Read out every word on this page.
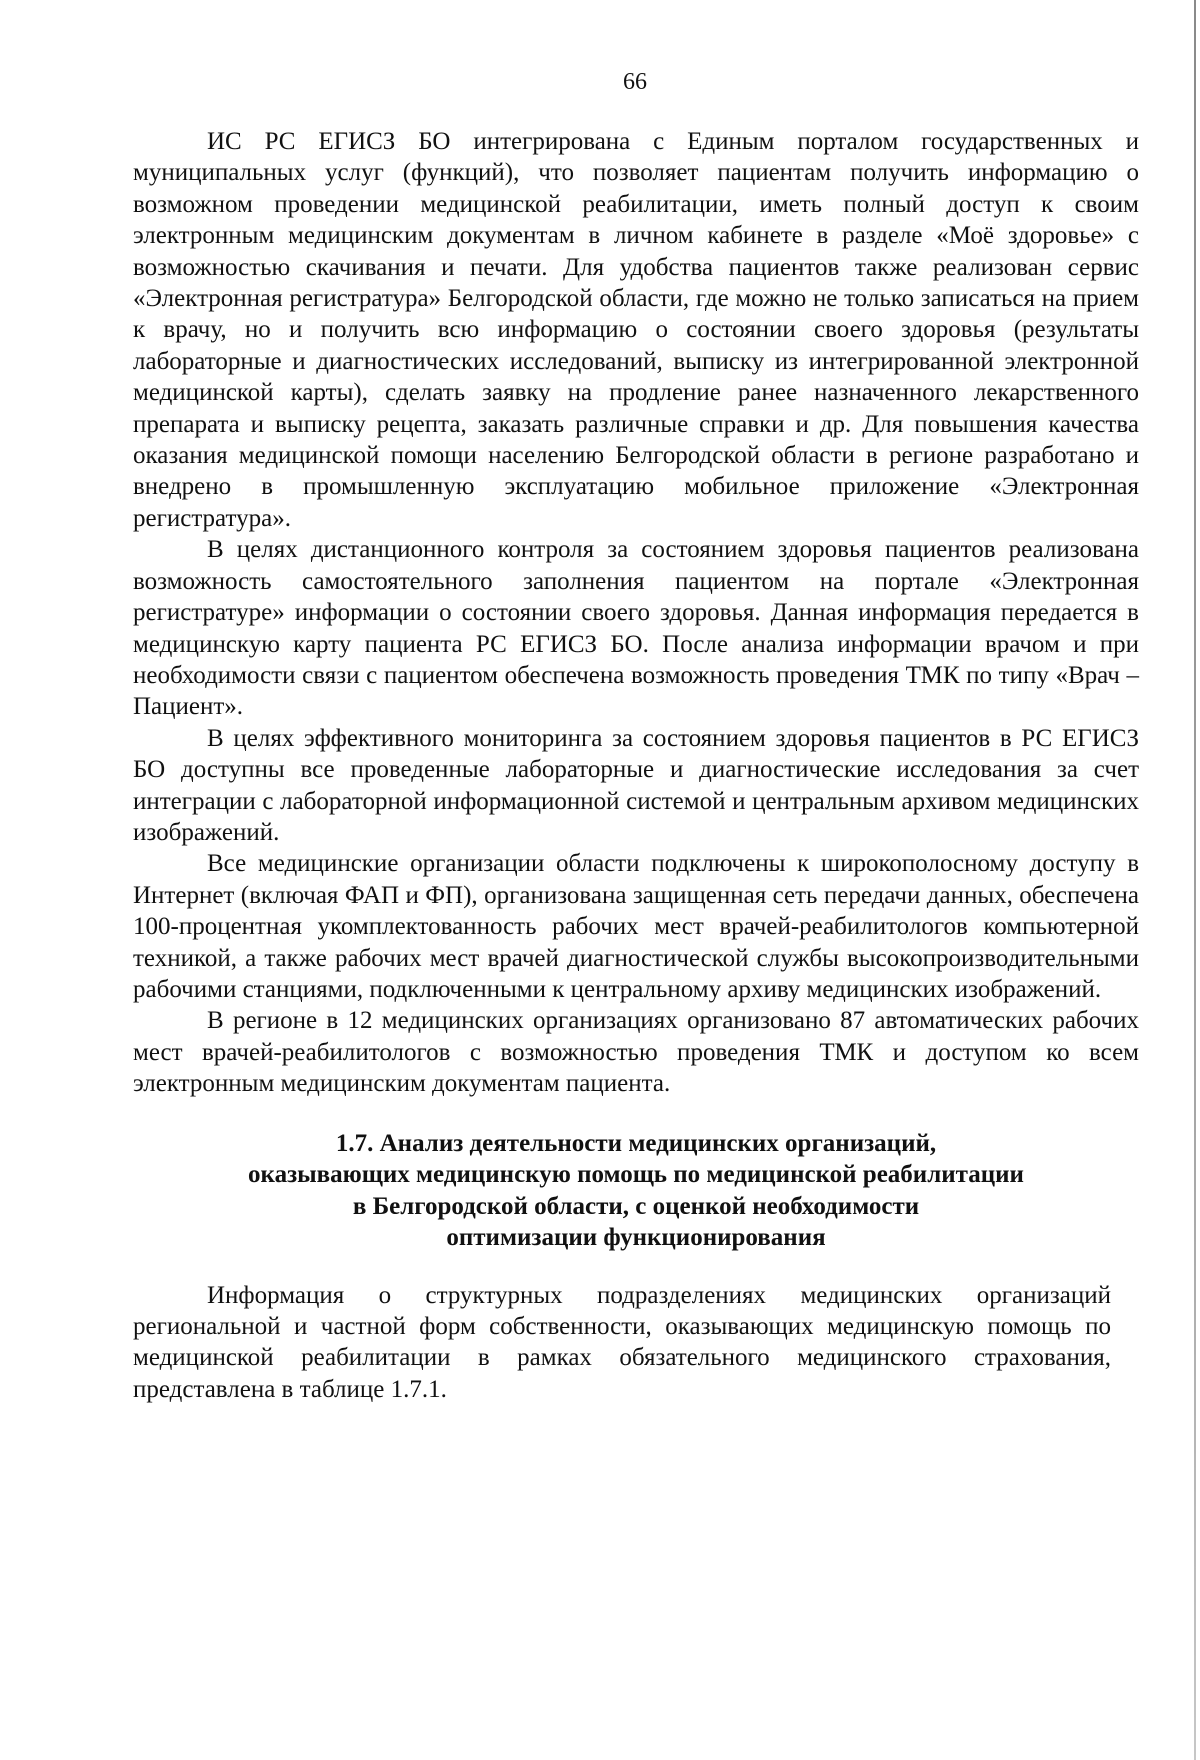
66

ИС РС ЕГИСЗ БО интегрирована с Единым порталом государственных и муниципальных услуг (функций), что позволяет пациентам получить информацию о возможном проведении медицинской реабилитации, иметь полный доступ к своим электронным медицинским документам в личном кабинете в разделе «Моё здоровье» с возможностью скачивания и печати. Для удобства пациентов также реализован сервис «Электронная регистратура» Белгородской области, где можно не только записаться на прием к врачу, но и получить всю информацию о состоянии своего здоровья (результаты лабораторные и диагностических исследований, выписку из интегрированной электронной медицинской карты), сделать заявку на продление ранее назначенного лекарственного препарата и выписку рецепта, заказать различные справки и др. Для повышения качества оказания медицинской помощи населению Белгородской области в регионе разработано и внедрено в промышленную эксплуатацию мобильное приложение «Электронная регистратура».

В целях дистанционного контроля за состоянием здоровья пациентов реализована возможность самостоятельного заполнения пациентом на портале «Электронная регистратуре» информации о состоянии своего здоровья. Данная информация передается в медицинскую карту пациента РС ЕГИСЗ БО. После анализа информации врачом и при необходимости связи с пациентом обеспечена возможность проведения ТМК по типу «Врач – Пациент».

В целях эффективного мониторинга за состоянием здоровья пациентов в РС ЕГИСЗ БО доступны все проведенные лабораторные и диагностические исследования за счет интеграции с лабораторной информационной системой и центральным архивом медицинских изображений.

Все медицинские организации области подключены к широкополосному доступу в Интернет (включая ФАП и ФП), организована защищенная сеть передачи данных, обеспечена 100-процентная укомплектованность рабочих мест врачей-реабилитологов компьютерной техникой, а также рабочих мест врачей диагностической службы высокопроизводительными рабочими станциями, подключенными к центральному архиву медицинских изображений.

В регионе в 12 медицинских организациях организовано 87 автоматических рабочих мест врачей-реабилитологов с возможностью проведения ТМК и доступом ко всем электронным медицинским документам пациента.

1.7. Анализ деятельности медицинских организаций,
оказывающих медицинскую помощь по медицинской реабилитации
в Белгородской области, с оценкой необходимости
оптимизации функционирования

Информация о структурных подразделениях медицинских организаций региональной и частной форм собственности, оказывающих медицинскую помощь по медицинской реабилитации в рамках обязательного медицинского страхования, представлена в таблице 1.7.1.
